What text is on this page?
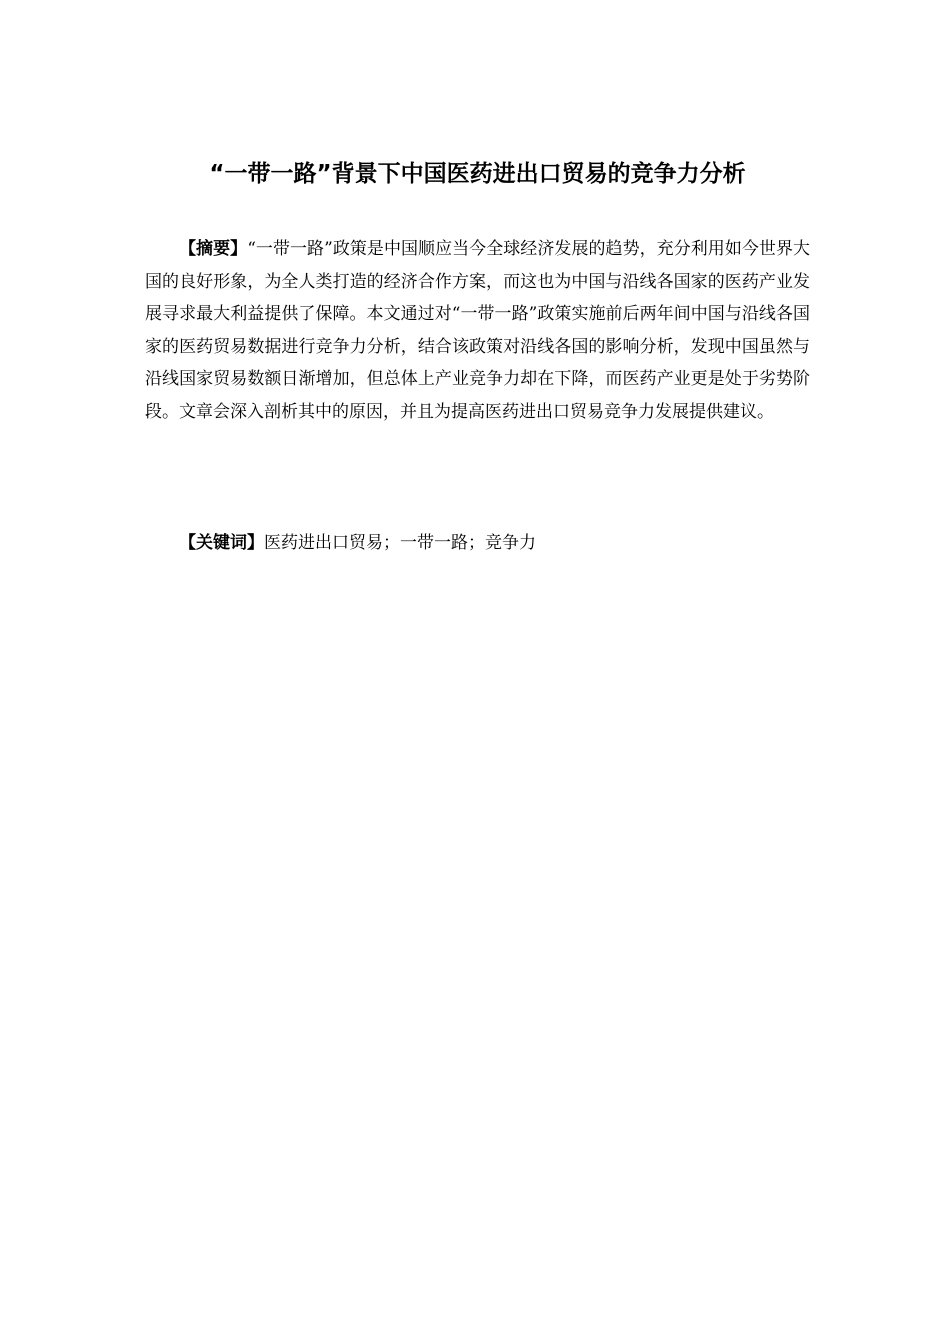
“一带一路”背景下中国医药进出口贸易的竞争力分析

【摘要】“一带一路”政策是中国顺应当今全球经济发展的趋势，充分利用如今世界大国的良好形象，为全人类打造的经济合作方案，而这也为中国与沿线各国家的医药产业发展寻求最大利益提供了保障。本文通过对“一带一路”政策实施前后两年间中国与沿线各国家的医药贸易数据进行竞争力分析，结合该政策对沿线各国的影响分析，发现中国虽然与沿线国家贸易数额日渐增加，但总体上产业竞争力却在下降，而医药产业更是处于劣势阶段。文章会深入剖析其中的原因，并且为提高医药进出口贸易竞争力发展提供建议。

【关键词】医药进出口贸易；一带一路；竞争力
